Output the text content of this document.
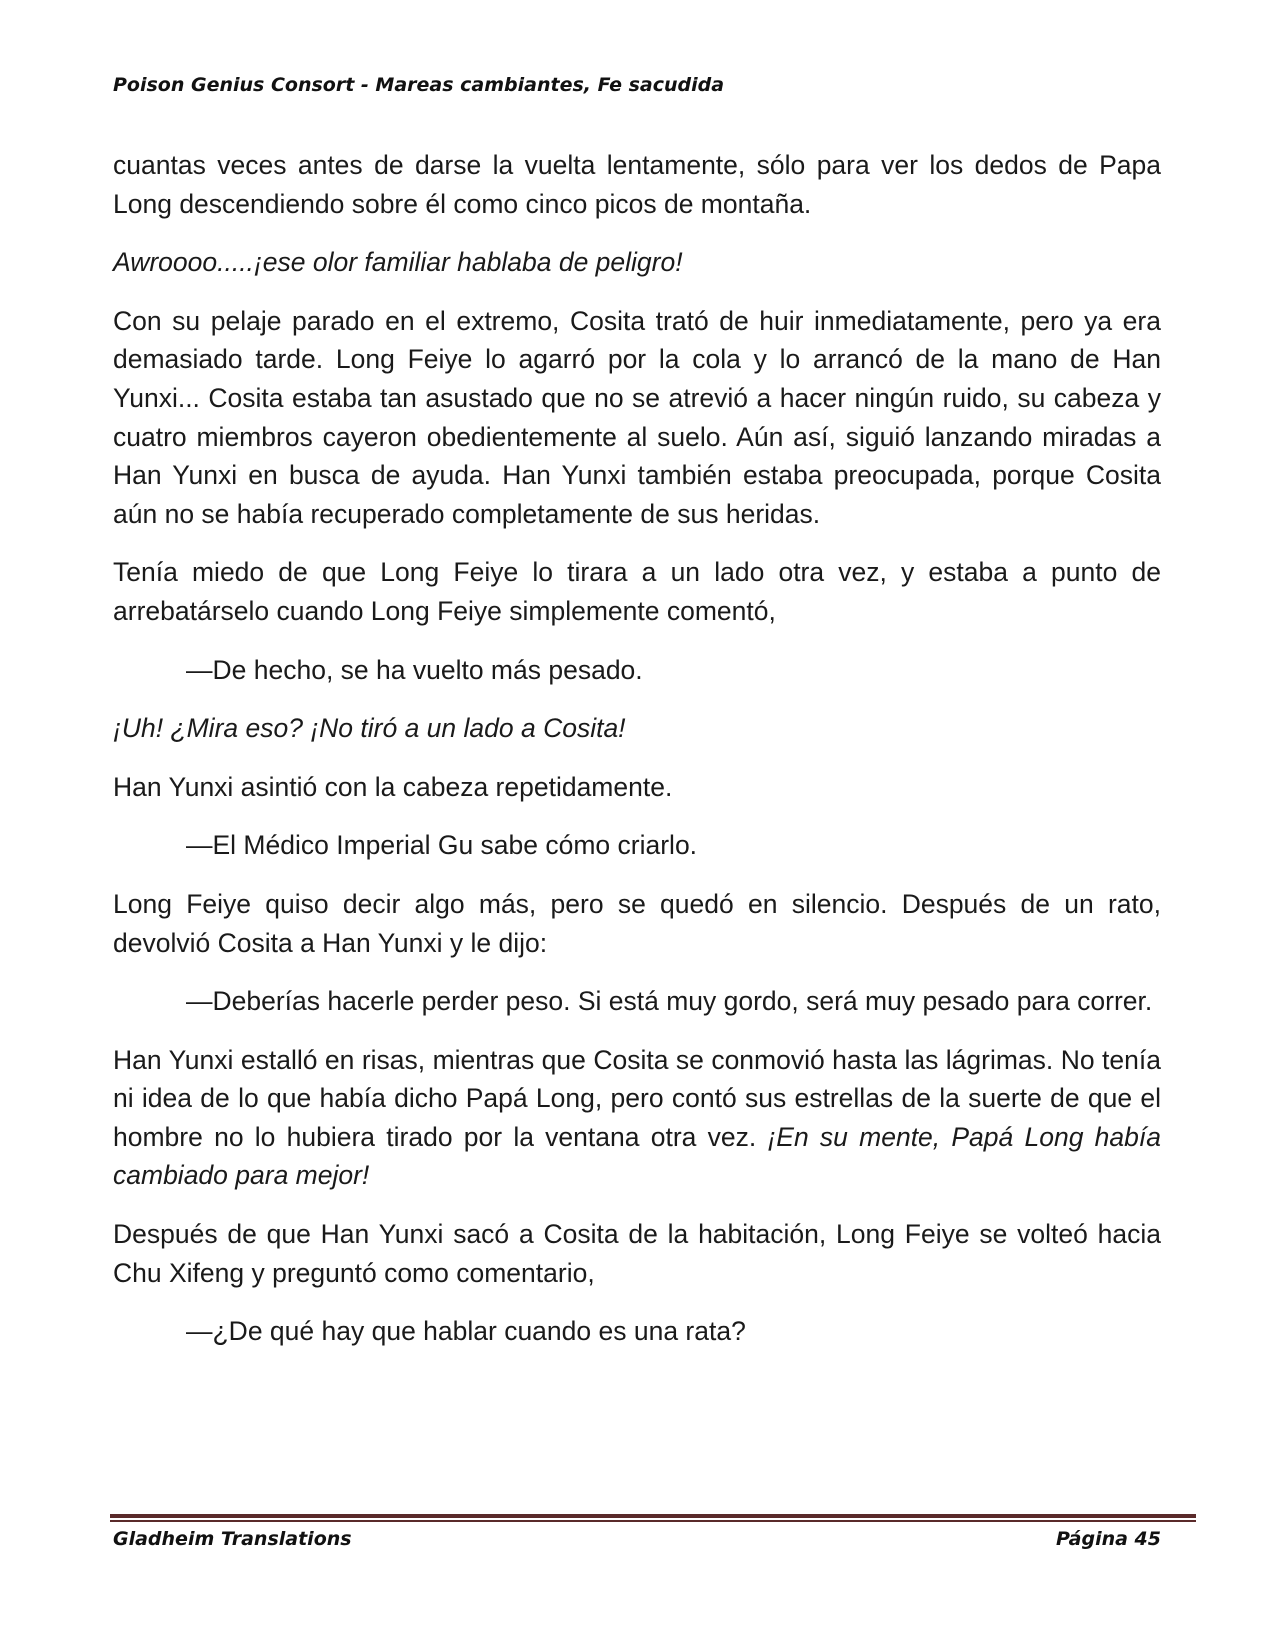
Poison Genius Consort - Mareas cambiantes, Fe sacudida

cuantas veces antes de darse la vuelta lentamente, sólo para ver los dedos de Papa Long descendiendo sobre él como cinco picos de montaña.

Awroooo.....¡ese olor familiar hablaba de peligro!

Con su pelaje parado en el extremo, Cosita trató de huir inmediatamente, pero ya era demasiado tarde. Long Feiye lo agarró por la cola y lo arrancó de la mano de Han Yunxi... Cosita estaba tan asustado que no se atrevió a hacer ningún ruido, su cabeza y cuatro miembros cayeron obedientemente al suelo. Aún así, siguió lanzando miradas a Han Yunxi en busca de ayuda. Han Yunxi también estaba preocupada, porque Cosita aún no se había recuperado completamente de sus heridas.

Tenía miedo de que Long Feiye lo tirara a un lado otra vez, y estaba a punto de arrebatárselo cuando Long Feiye simplemente comentó,

—De hecho, se ha vuelto más pesado.

¡Uh! ¿Mira eso? ¡No tiró a un lado a Cosita!

Han Yunxi asintió con la cabeza repetidamente.

—El Médico Imperial Gu sabe cómo criarlo.

Long Feiye quiso decir algo más, pero se quedó en silencio. Después de un rato, devolvió Cosita a Han Yunxi y le dijo:

—Deberías hacerle perder peso. Si está muy gordo, será muy pesado para correr.

Han Yunxi estalló en risas, mientras que Cosita se conmovió hasta las lágrimas. No tenía ni idea de lo que había dicho Papá Long, pero contó sus estrellas de la suerte de que el hombre no lo hubiera tirado por la ventana otra vez. ¡En su mente, Papá Long había cambiado para mejor!

Después de que Han Yunxi sacó a Cosita de la habitación, Long Feiye se volteó hacia Chu Xifeng y preguntó como comentario,

—¿De qué hay que hablar cuando es una rata?

Gladheim Translations	Página 45
